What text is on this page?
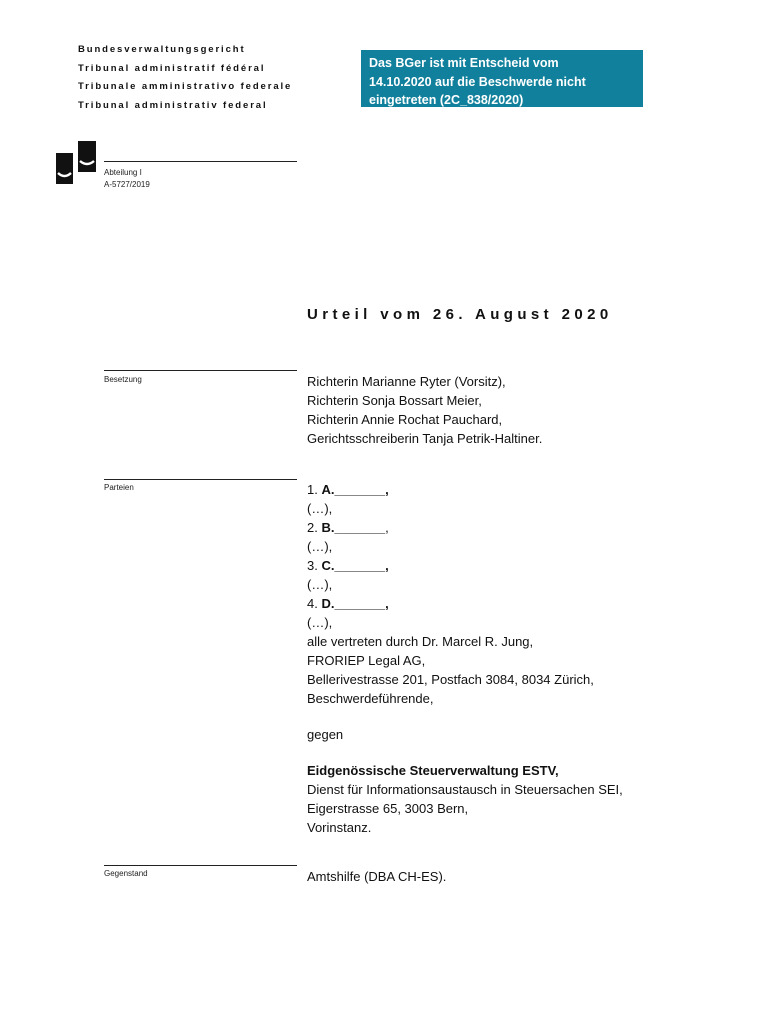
Bundesverwaltungsgericht
Tribunal administratif fédéral
Tribunale amministrativo federale
Tribunal administrativ federal
Abteilung I
A-5727/2019
Das BGer ist mit Entscheid vom
14.10.2020 auf die Beschwerde nicht
eingetreten (2C_838/2020)
Urteil vom 26. August 2020
Besetzung	Richterin Marianne Ryter (Vorsitz),
Richterin Sonja Bossart Meier,
Richterin Annie Rochat Pauchard,
Gerichtsschreiberin Tanja Petrik-Haltiner.
Parteien	1. A._______,
(…),
2. B._______,
(…),
3. C._______,
(…),
4. D._______,
(…),
alle vertreten durch Dr. Marcel R. Jung,
FRORIEP Legal AG,
Bellerivestrasse 201, Postfach 3084, 8034 Zürich,
Beschwerdeführende,
gegen
Eidgenössische Steuerverwaltung ESTV,
Dienst für Informationsaustausch in Steuersachen SEI,
Eigerstrasse 65, 3003 Bern,
Vorinstanz.
Gegenstand	Amtshilfe (DBA CH-ES).
